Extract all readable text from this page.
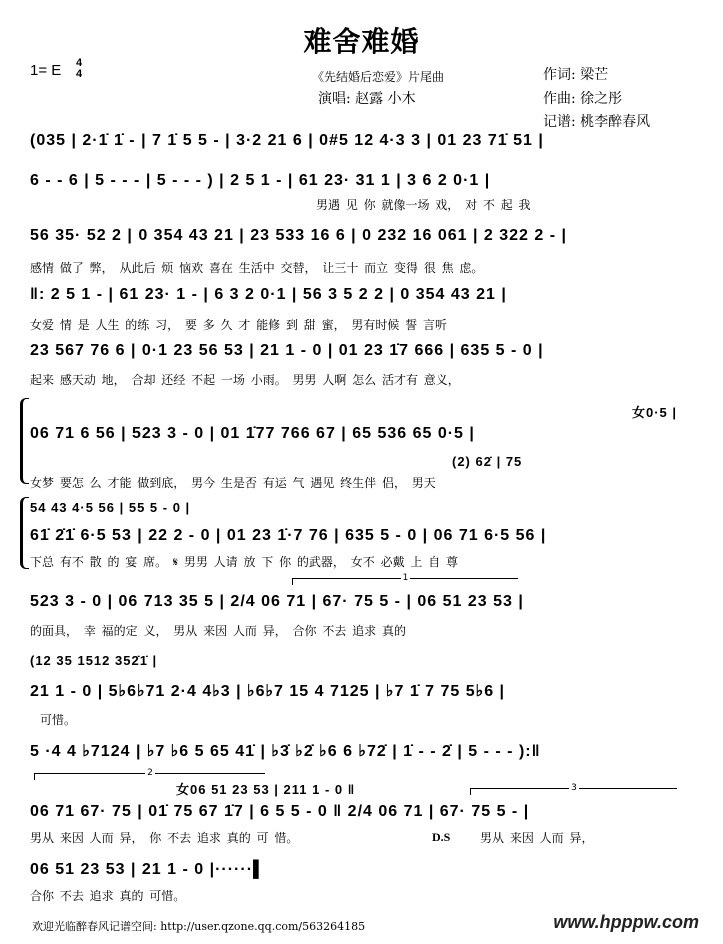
难舍难婚
1= E 4
4	《先结婚后恋爱》片尾曲
演唱: 赵露 小木
作词: 梁芒
作曲: 徐之彤
记谱: 桃李醉春风
(035 | 2·1̇ 1̇ - | 7 1̇ 5 5 - | 3·2 21 6 | 0#5 12 4·3 3 | 01 23 71̇ 51 |
6 - - 6 | 5 - - - | 5 - - - ) | 2 5 1 - | 61 23· 31 1 | 3 6 2 0·1 |
男遇 见 你 就像一场 戏， 对 不 起 我
56 35· 52 2 | 0 354 43 21 | 23 533 16 6 | 0 232 16 061 | 2 322 2 - |
感情 做了 弊， 从此后 烦 恼欢 喜在 生活中 交替， 让三十 而立 变得 很 焦 虑。
‖: 2 5 1 - | 61 23· 1 - | 6 3 2 0·1 | 56 3 5 2 2 | 0 354 43 21 |
女爱 情 是 人生 的练 习， 要 多 久 才 能修 到 甜 蜜， 男有时候 誓 言听
23 567 76 6 | 0·1 23 56 53 | 21 1 - 0 | 01 23 1̇7 666 | 635 5 - 0 |
起来 感天动 地， 合却 还经 不起 一场 小雨。 男男 人啊 怎么 活才有 意义，
女0·5 |
06 71 6 56 | 523 3 - 0 | 01 1̇77 766 67 | 65 536 65 0·5 |
(2) 62̇ | 75
女梦 要怎 么 才能 做到底， 男今 生是否 有运 气 遇见 终生伴 侣， 男天
54 43 4·5 56 | 55 5 - 0 |
61̇ 2̇1̇ 6·5 53 | 22 2 - 0 | 01 23 1̇·7 76 | 635 5 - 0 | 06 71 6·5 56 |
下总 有不 散 的 宴 席。 𝄋 男男 人请 放 下 你 的武器， 女不 必戴 上 自 尊
1
523 3 - 0 | 06 713 35 5 | 2/4 06 71 | 67· 75 5 - | 06 51 23 53 |
的面具， 幸 福的定 义， 男从 来因 人而 异， 合你 不去 追求 真的
(12 35 1512 352̇1̇ |
21 1 - 0 | 5♭6♭71 2·4 4♭3 | ♭6♭7 15 4 7125 | ♭7 1̇ 7 75 5♭6 |
可惜。
5 ·4 4 ♭7124 | ♭7 ♭6 5 65 41̇ | ♭3̇ ♭2̇ ♭6 6 ♭72̇ | 1̇ - - 2̇ | 5 - - - ):‖
2
女06 51 23 53 | 211 1 - 0 ‖	3
06 71 67· 75 | 01̇ 75 67 1̇7 | 6 5 5 - 0 ‖ 2/4 06 71 | 67· 75 5 - |
男从 来因 人而 异， 你 不去 追求 真的 可 惜。	D.S 男从 来因 人而 异，
06 51 23 53 | 21 1 - 0 |······▌
合你 不去 追求 真的 可惜。
欢迎光临醉春风记谱空间: http://user.qzone.qq.com/563264185	www.hpppw.com
